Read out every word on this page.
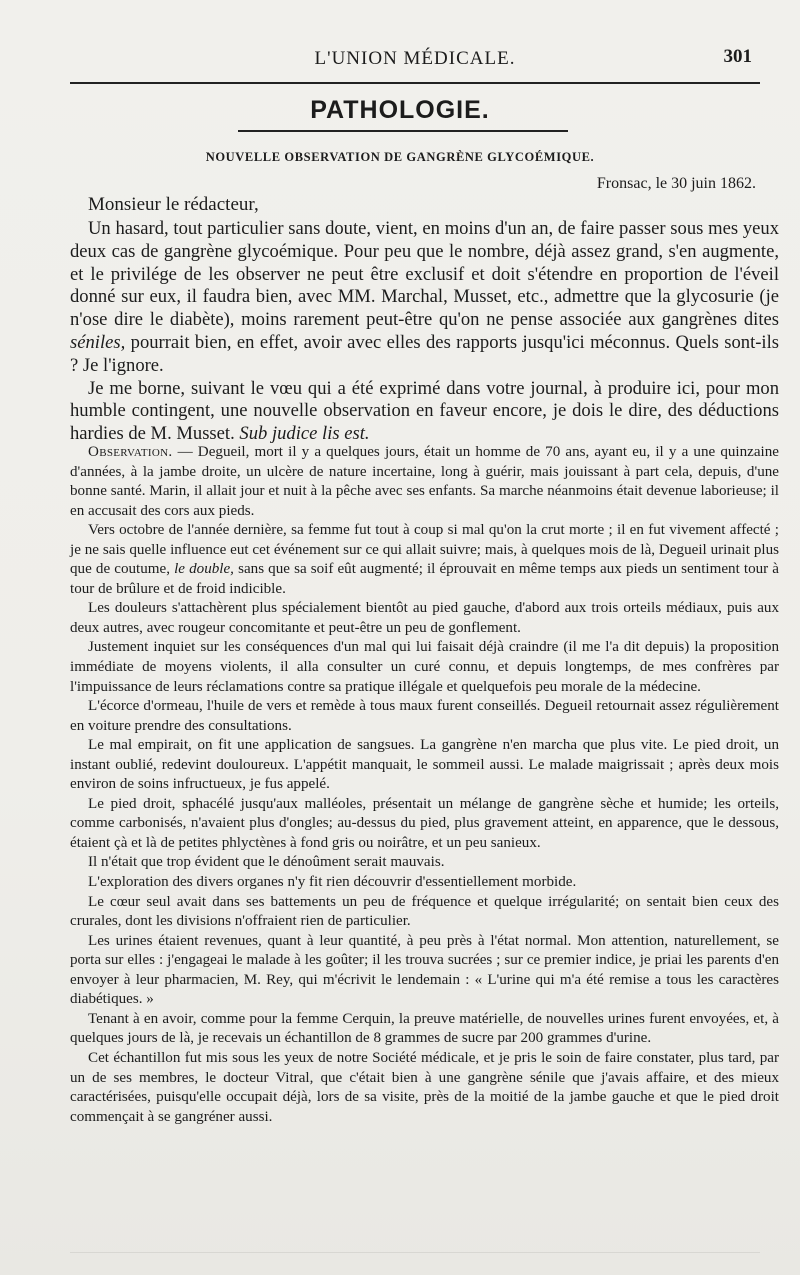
L'UNION MÉDICALE.	301
PATHOLOGIE.
NOUVELLE OBSERVATION DE GANGRÈNE GLYCOÉMIQUE.
Fronsac, le 30 juin 1862.
Monsieur le rédacteur,

Un hasard, tout particulier sans doute, vient, en moins d'un an, de faire passer sous mes yeux deux cas de gangrène glycoémique. Pour peu que le nombre, déjà assez grand, s'en augmente, et le privilége de les observer ne peut être exclusif et doit s'étendre en proportion de l'éveil donné sur eux, il faudra bien, avec MM. Marchal, Musset, etc., admettre que la glycosurie (je n'ose dire le diabète), moins rarement peut-être qu'on ne pense associée aux gangrènes dites séniles, pourrait bien, en effet, avoir avec elles des rapports jusqu'ici méconnus. Quels sont-ils ? Je l'ignore.

Je me borne, suivant le vœu qui a été exprimé dans votre journal, à produire ici, pour mon humble contingent, une nouvelle observation en faveur encore, je dois le dire, des déductions hardies de M. Musset. Sub judice lis est.

Observation. — Degueil, mort il y a quelques jours, était un homme de 70 ans, ayant eu, il y a une quinzaine d'années, à la jambe droite, un ulcère de nature incertaine, long à guérir, mais jouissant à part cela, depuis, d'une bonne santé. Marin, il allait jour et nuit à la pêche avec ses enfants. Sa marche néanmoins était devenue laborieuse; il en accusait des cors aux pieds.

Vers octobre de l'année dernière, sa femme fut tout à coup si mal qu'on la crut morte ; il en fut vivement affecté ; je ne sais quelle influence eut cet événement sur ce qui allait suivre; mais, à quelques mois de là, Degueil urinait plus que de coutume, le double, sans que sa soif eût augmenté; il éprouvait en même temps aux pieds un sentiment tour à tour de brûlure et de froid indicible.

Les douleurs s'attachèrent plus spécialement bientôt au pied gauche, d'abord aux trois orteils médiaux, puis aux deux autres, avec rougeur concomitante et peut-être un peu de gonflement.

Justement inquiet sur les conséquences d'un mal qui lui faisait déjà craindre (il me l'a dit depuis) la proposition immédiate de moyens violents, il alla consulter un curé connu, et depuis longtemps, de mes confrères par l'impuissance de leurs réclamations contre sa pratique illégale et quelquefois peu morale de la médecine.

L'écorce d'ormeau, l'huile de vers et remède à tous maux furent conseillés. Degueil retournait assez régulièrement en voiture prendre des consultations.

Le mal empirait, on fit une application de sangsues. La gangrène n'en marcha que plus vite. Le pied droit, un instant oublié, redevint douloureux. L'appétit manquait, le sommeil aussi. Le malade maigrissait ; après deux mois environ de soins infructueux, je fus appelé.

Le pied droit, sphacélé jusqu'aux malléoles, présentait un mélange de gangrène sèche et humide; les orteils, comme carbonisés, n'avaient plus d'ongles; au-dessus du pied, plus gravement atteint, en apparence, que le dessous, étaient çà et là de petites phlyctènes à fond gris ou noirâtre, et un peu sanieux.

Il n'était que trop évident que le dénoûment serait mauvais.

L'exploration des divers organes n'y fit rien découvrir d'essentiellement morbide.

Le cœur seul avait dans ses battements un peu de fréquence et quelque irrégularité; on sentait bien ceux des crurales, dont les divisions n'offraient rien de particulier.

Les urines étaient revenues, quant à leur quantité, à peu près à l'état normal. Mon attention, naturellement, se porta sur elles : j'engageai le malade à les goûter; il les trouva sucrées ; sur ce premier indice, je priai les parents d'en envoyer à leur pharmacien, M. Rey, qui m'écrivit le lendemain : « L'urine qui m'a été remise a tous les caractères diabétiques. »

Tenant à en avoir, comme pour la femme Cerquin, la preuve matérielle, de nouvelles urines furent envoyées, et, à quelques jours de là, je recevais un échantillon de 8 grammes de sucre par 200 grammes d'urine.

Cet échantillon fut mis sous les yeux de notre Société médicale, et je pris le soin de faire constater, plus tard, par un de ses membres, le docteur Vitral, que c'était bien à une gangrène sénile que j'avais affaire, et des mieux caractérisées, puisqu'elle occupait déjà, lors de sa visite, près de la moitié de la jambe gauche et que le pied droit commençait à se gangréner aussi.
